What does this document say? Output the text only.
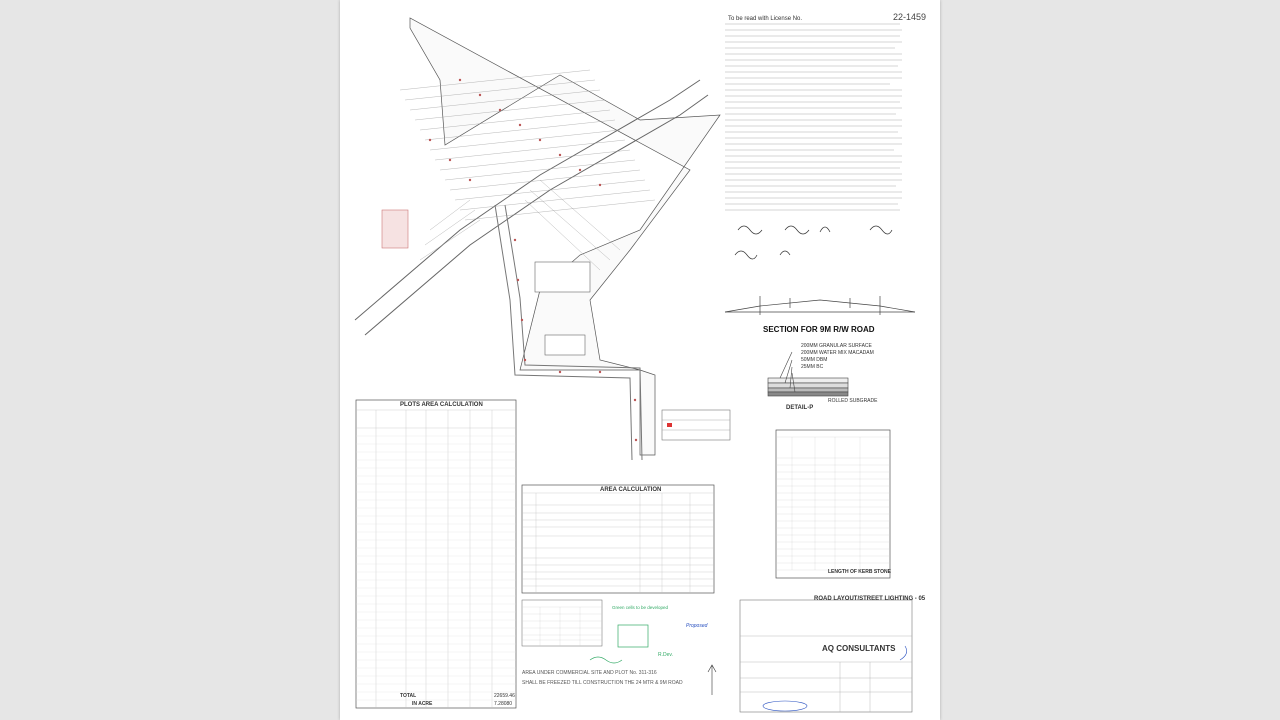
22-1459
To be read with License No.
SECTION FOR 9M R/W ROAD
200MM GRANULAR SURFACE
200MM WATER MIX MACADAM
50MM DBM
25MM BC
ROLLED SUBGRADE
DETAIL-P
PLOTS AREA CALCULATION
TOTAL	22659.46
IN ACRE	7.28080
AREA CALCULATION
LENGTH OF KERB STONE
ROAD LAYOUT/STREET LIGHTING - 05
AQ CONSULTANTS
Green cells to be developed
Proposed
R.Dev.
AREA UNDER COMMERCIAL SITE AND PLOT No. 311-316
SHALL BE FREEZED TILL CONSTRUCTION THE 24 MTR & 9M ROAD
